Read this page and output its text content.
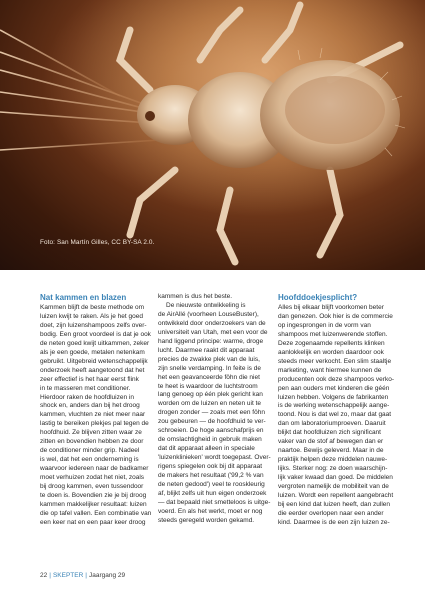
Foto: San Martín Gilles, CC BY-SA 2.0.
Nat kammen en blazen

Kammen blijft de beste methode om
luizen kwijt te raken. Als je het goed
doet, zijn luizenshampoos zelfs over-
bodig. Een groot voordeel is dat je ook
de neten goed kwijt uitkammen, zeker
als je een goede, metalen netenkam
gebruikt. Uitgebreid wetenschappelijk
onderzoek heeft aangetoond dat het
zeer effectief is het haar eerst flink
in te masseren met conditioner.
Hierdoor raken de hoofdluizen in
shock en, anders dan bij het droog
kammen, vluchten ze niet meer naar
lastig te bereiken plekjes pal tegen de
hoofdhuid. Ze blijven zitten waar ze
zitten en bovendien hebben ze door
de conditioner minder grip. Nadeel
is wel, dat het een onderneming is
waarvoor iedereen naar de badkamer
moet verhuizen zodat het niet, zoals
bij droog kammen, even tussendoor
te doen is. Bovendien zie je bij droog
kammen makkelijker resultaat: luizen
die op tafel vallen. Een combinatie van
een keer nat en een paar keer droog

kammen is dus het beste.
De nieuwste ontwikkeling is
de AirAllé (voorheen LouseBuster),
ontwikkeld door onderzoekers van de
universiteit van Utah, met een voor de
hand liggend principe: warme, droge
lucht. Daarmee raakt dit apparaat
precies de zwakke plek van de luis,
zijn snelle verdamping. In feite is de
het een geavanceerde föhn die niet
te heet is waardoor de luchtstroom
lang genoeg op één plek gericht kan
worden om de luizen en neten uit te
drogen zonder — zoals met een föhn
zou gebeuren — de hoofdhuid te ver-
schroeien. De hoge aanschafprijs en
de omslachtigheid in gebruik maken
dat dit apparaat alleen in speciale
'luizenklinieken' wordt toegepast. Over-
rigens spiegelen ook bij dit apparaat
de makers het resultaat ('99,2 % van
de neten gedood') veel te rooskleurig
af, blijkt zelfs uit hun eigen onderzoek
— dat bepaald niet smetteloos is uitge-
voerd. En als het werkt, moet er nog
steeds geregeld worden gekamd.

Hoofddoekjesplicht?

Alles bij elkaar blijft voorkomen beter
dan genezen. Ook hier is de commercie
op ingesprongen in de vorm van
shampoos met luizenwerende stoffen.
Deze zogenaamde repellents klinken
aanlokkelijk en worden daardoor ook
steeds meer verkocht. Een slim staaltje
marketing, want hiermee kunnen de
producenten ook deze shampoos verko-
pen aan ouders met kinderen die géén
luizen hebben. Volgens de fabrikanten
is de werking wetenschappelijk aange-
toond. Nou is dat wel zo, maar dat gaat
dan om laboratoriumproeven. Daaruit
blijkt dat hoofdluizen zich significant
vaker van de stof af bewegen dan er
naartoe. Bewijs geleverd. Maar in de
praktijk helpen deze middelen nauwe-
lijks. Sterker nog: ze doen waarschijn-
lijk vaker kwaad dan goed. De middelen
vergroten namelijk de mobiliteit van de
luizen. Wordt een repellent aangebracht
bij een kind dat luizen heeft, dan zullen
die eerder overlopen naar een ander
kind. Daarmee is de een zijn luizen ze-

22 | SKEPTER | Jaargang 29
